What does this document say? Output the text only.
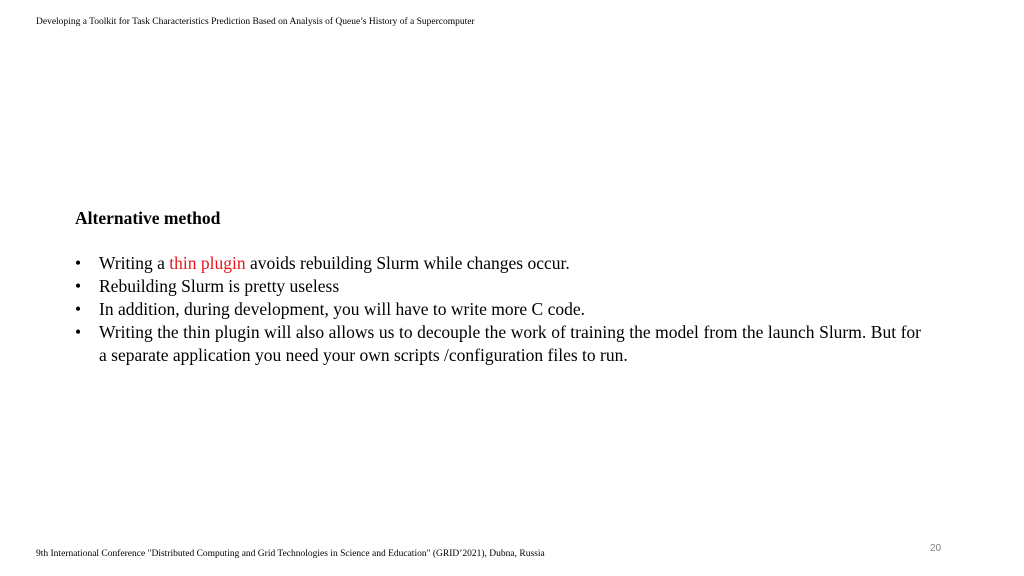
Developing a Toolkit for Task Characteristics Prediction Based on Analysis of Queue’s History of a Supercomputer
Alternative method
• Writing a thin plugin avoids rebuilding Slurm while changes occur.
• Rebuilding Slurm is pretty useless
• In addition, during development, you will have to write more C code.
• Writing the thin plugin will also allows us to decouple the work of training the model from the launch Slurm. But for a separate application you need your own scripts /configuration files to run.
9th International Conference "Distributed Computing and Grid Technologies in Science and Education" (GRID’2021), Dubna, Russia	20
